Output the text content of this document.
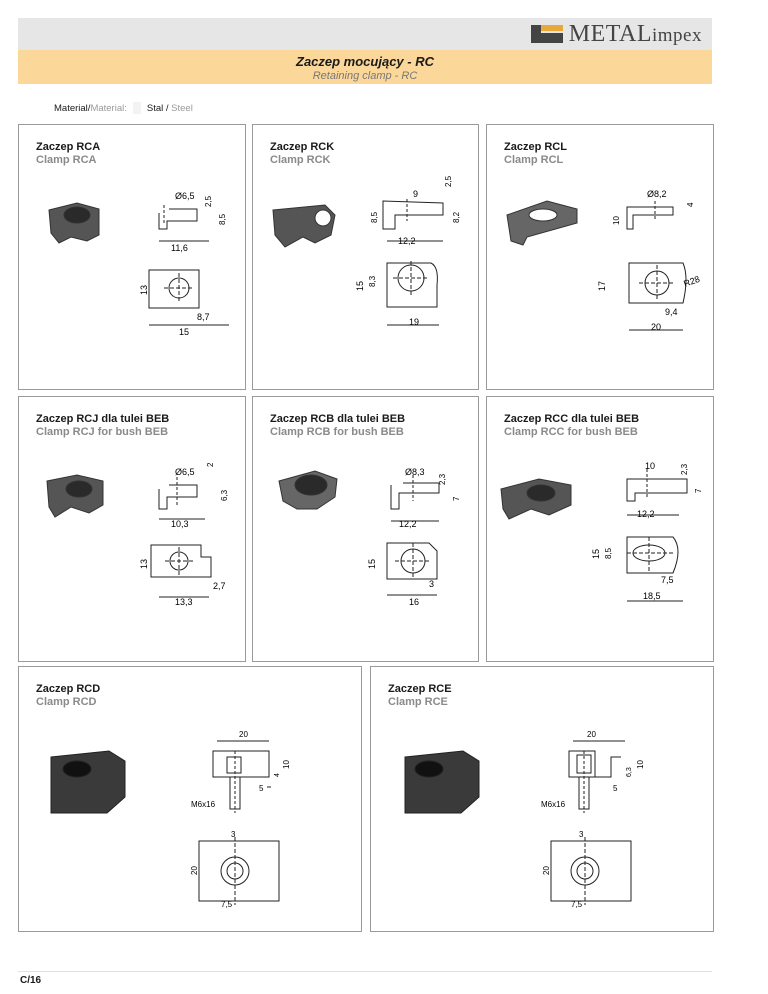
METALimpex
Zaczep mocujący - RC
Retaining clamp - RC
Material/Material: Stal / Steel
Zaczep RCA
Clamp RCA
Ø6,5 2,5
8,5
11,6
13
8,7
15
Zaczep RCK
Clamp RCK
9
2,5
8,5	8,2
12,2
15 8,3
19
Zaczep RCL
Clamp RCL
Ø8,2
4
10
17	R28
9,4
20
Zaczep RCJ dla tulei BEB
Clamp RCJ for bush BEB
Ø6,5
2
6,3
10,3
13
2,7
13,3
Zaczep RCB dla tulei BEB
Clamp RCB for bush BEB
Ø8,3
2,3
7
12,2
15
3
16
Zaczep RCC dla tulei BEB
Clamp RCC for bush BEB
10	2,3
7
12,2
15 8,5
7,5
18,5
Zaczep RCD
Clamp RCD
20
10
4
5
M6x16
3
20
7,5
Zaczep RCE
Clamp RCE
20
10
6,3
5
M6x16
3
20
7,5
C/16
